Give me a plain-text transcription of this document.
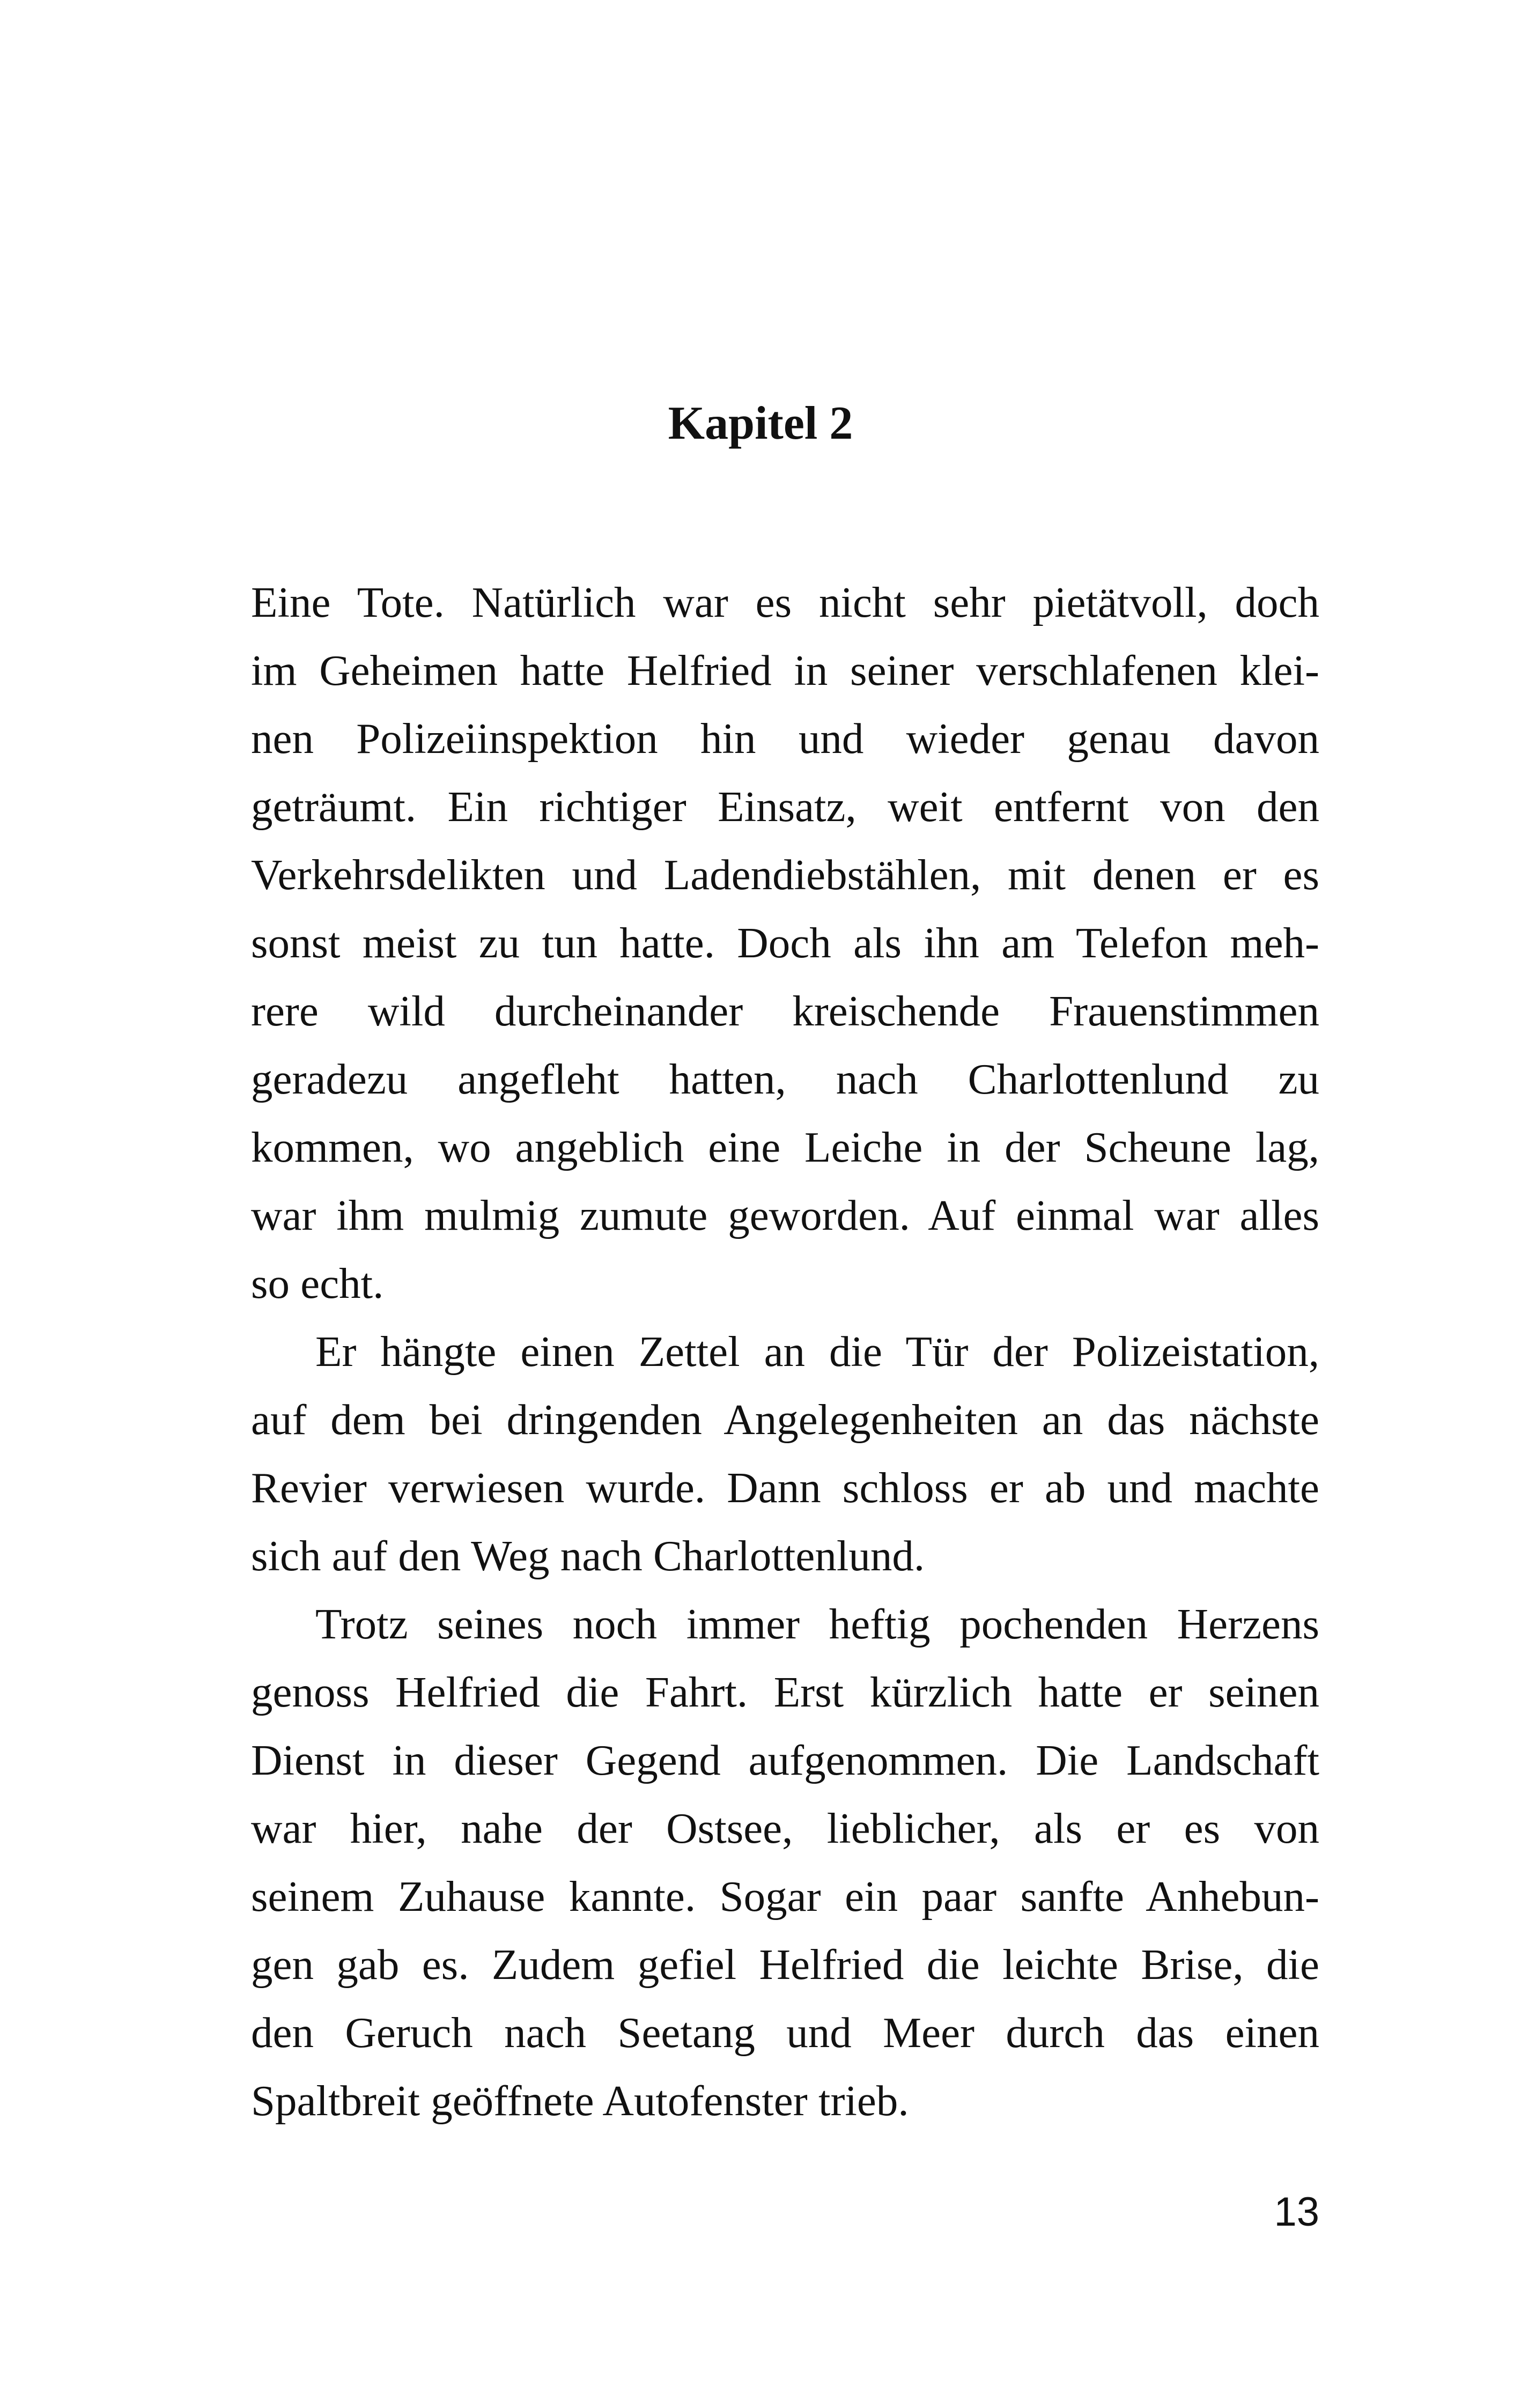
Kapitel 2
Eine Tote. Natürlich war es nicht sehr pietätvoll, doch
im Geheimen hatte Helfried in seiner verschlafenen klei-
nen Polizeiinspektion hin und wieder genau davon
geträumt. Ein richtiger Einsatz, weit entfernt von den
Verkehrsdelikten und Ladendiebstählen, mit denen er es
sonst meist zu tun hatte. Doch als ihn am Telefon meh-
rere wild durcheinander kreischende Frauenstimmen
geradezu angefleht hatten, nach Charlottenlund zu
kommen, wo angeblich eine Leiche in der Scheune lag,
war ihm mulmig zumute geworden. Auf einmal war alles
so echt.
Er hängte einen Zettel an die Tür der Polizeistation,
auf dem bei dringenden Angelegenheiten an das nächste
Revier verwiesen wurde. Dann schloss er ab und machte
sich auf den Weg nach Charlottenlund.
Trotz seines noch immer heftig pochenden Herzens
genoss Helfried die Fahrt. Erst kürzlich hatte er seinen
Dienst in dieser Gegend aufgenommen. Die Landschaft
war hier, nahe der Ostsee, lieblicher, als er es von
seinem Zuhause kannte. Sogar ein paar sanfte Anhebun-
gen gab es. Zudem gefiel Helfried die leichte Brise, die
den Geruch nach Seetang und Meer durch das einen
Spaltbreit geöffnete Autofenster trieb.
13
